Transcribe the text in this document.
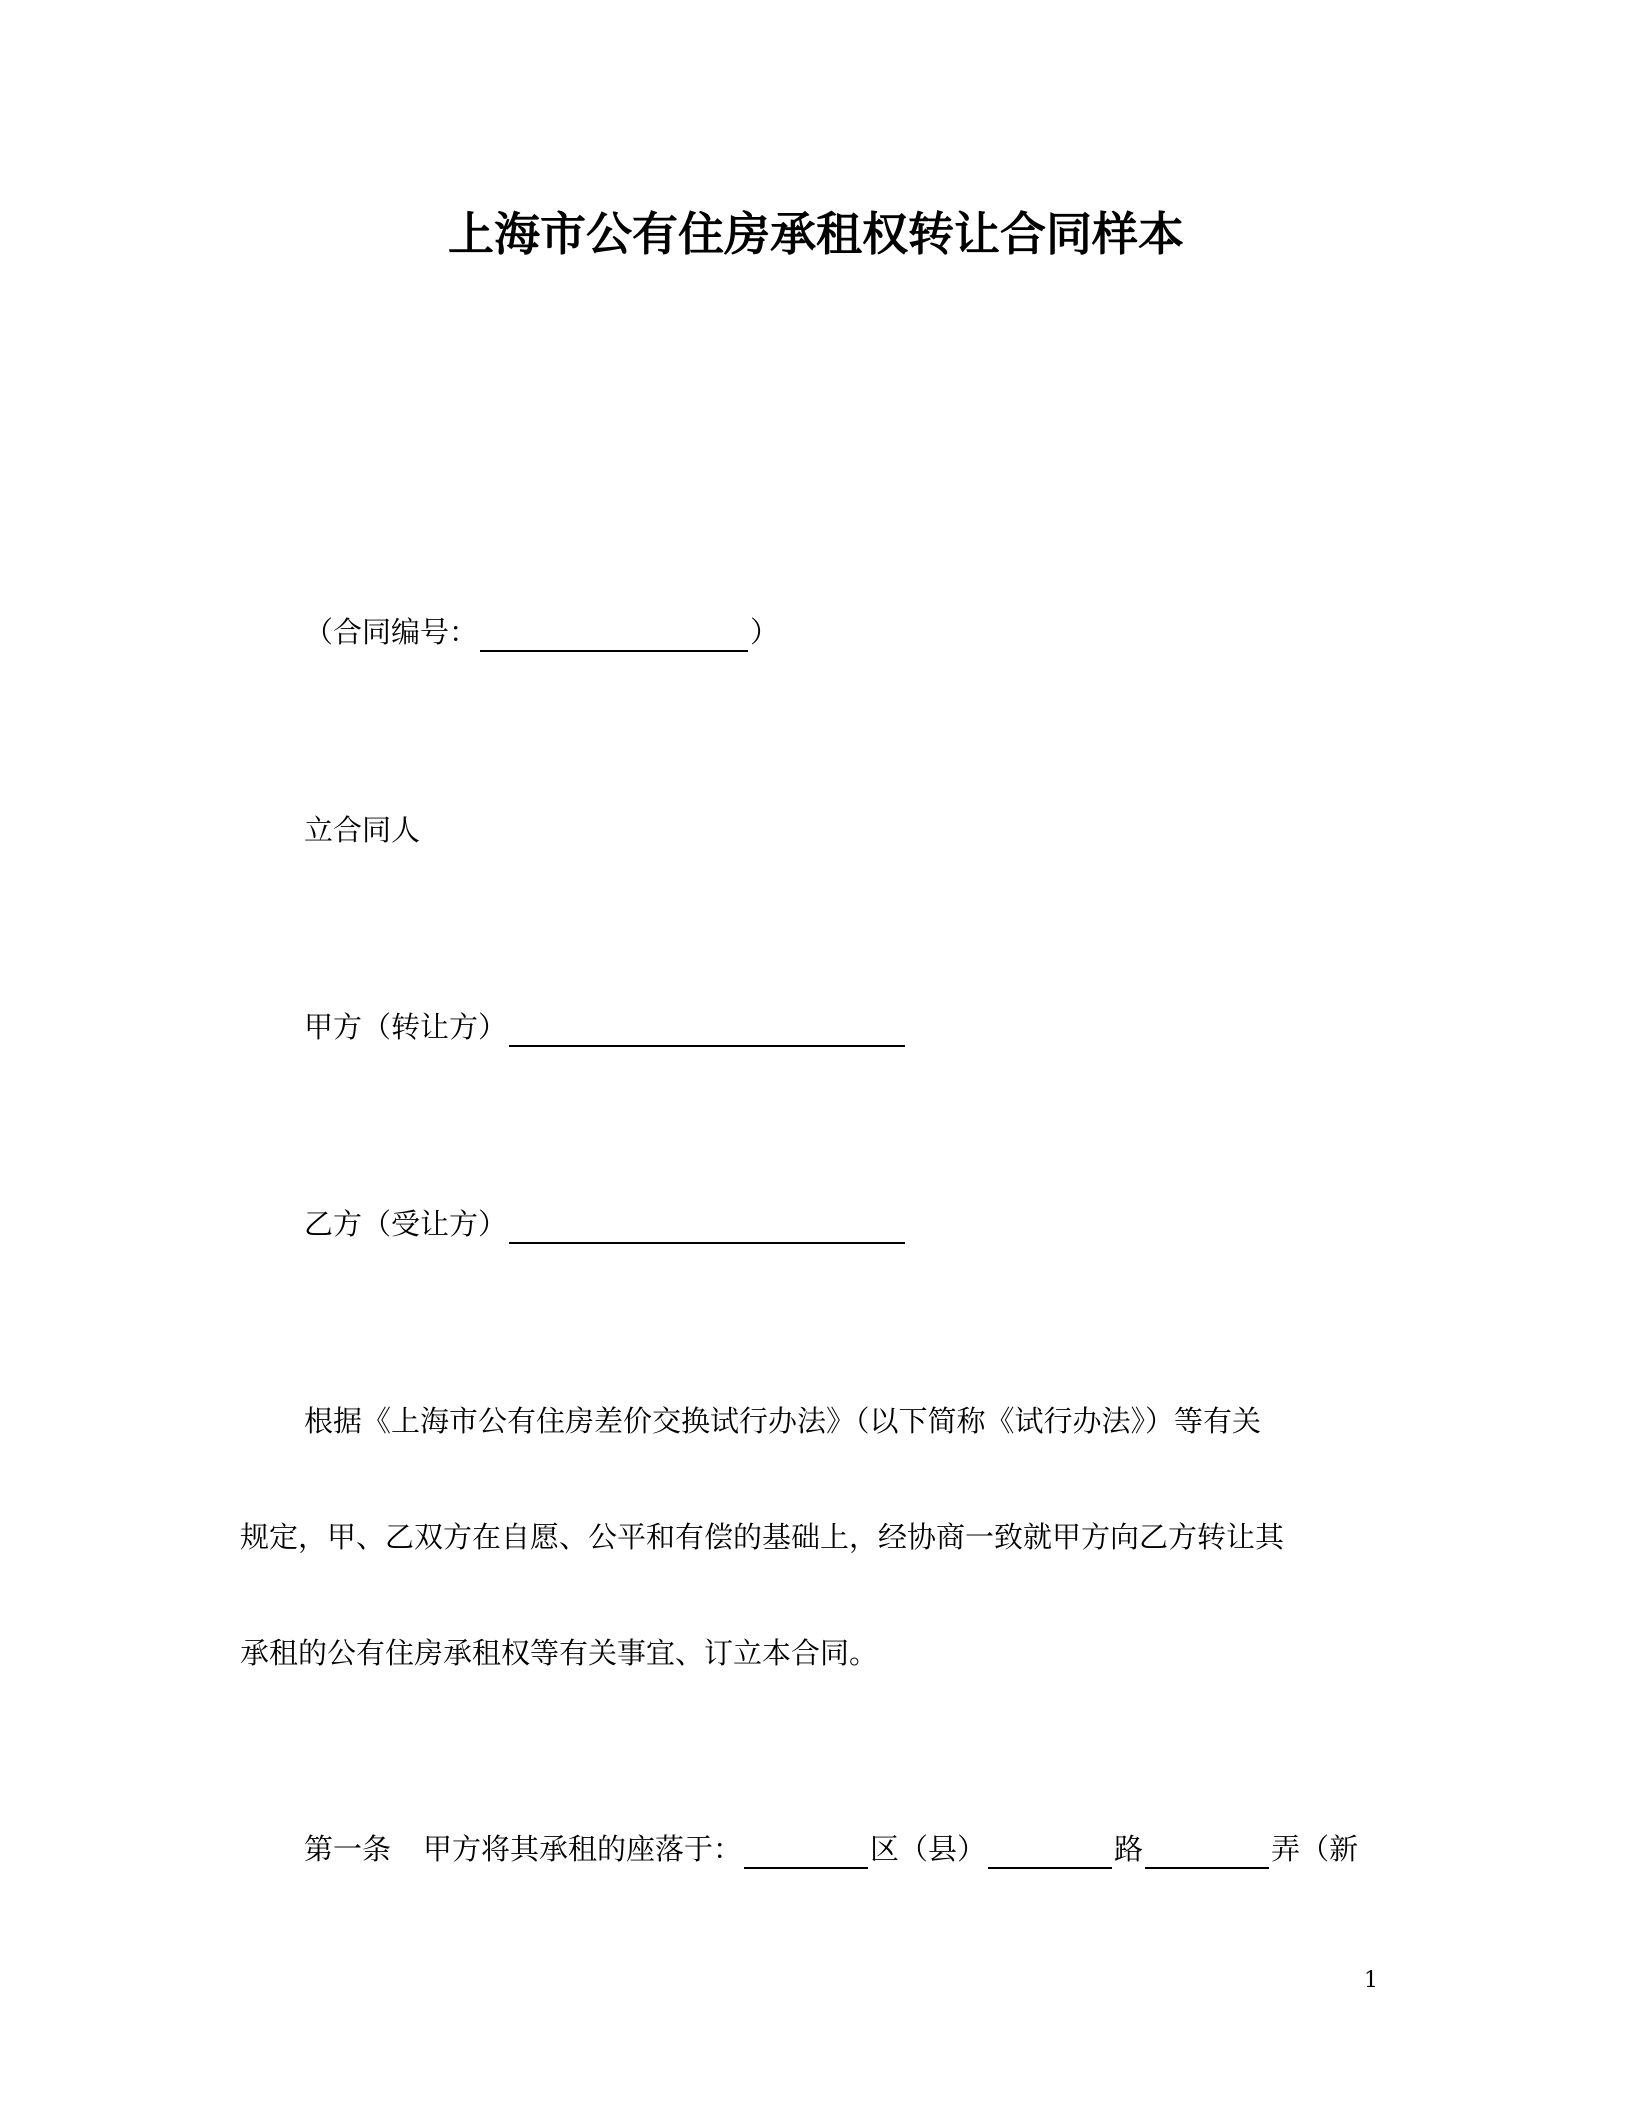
上海市公有住房承租权转让合同样本
（合同编号：	）
立合同人
甲方（转让方）
乙方（受让方）
根据《上海市公有住房差价交换试行办法》（以下简称《试行办法》）等有关
规定，甲、乙双方在自愿、公平和有偿的基础上，经协商一致就甲方向乙方转让其
承租的公有住房承租权等有关事宜、订立本合同。
第一条 甲方将其承租的座落于：	区（县）	路	弄（新
1
